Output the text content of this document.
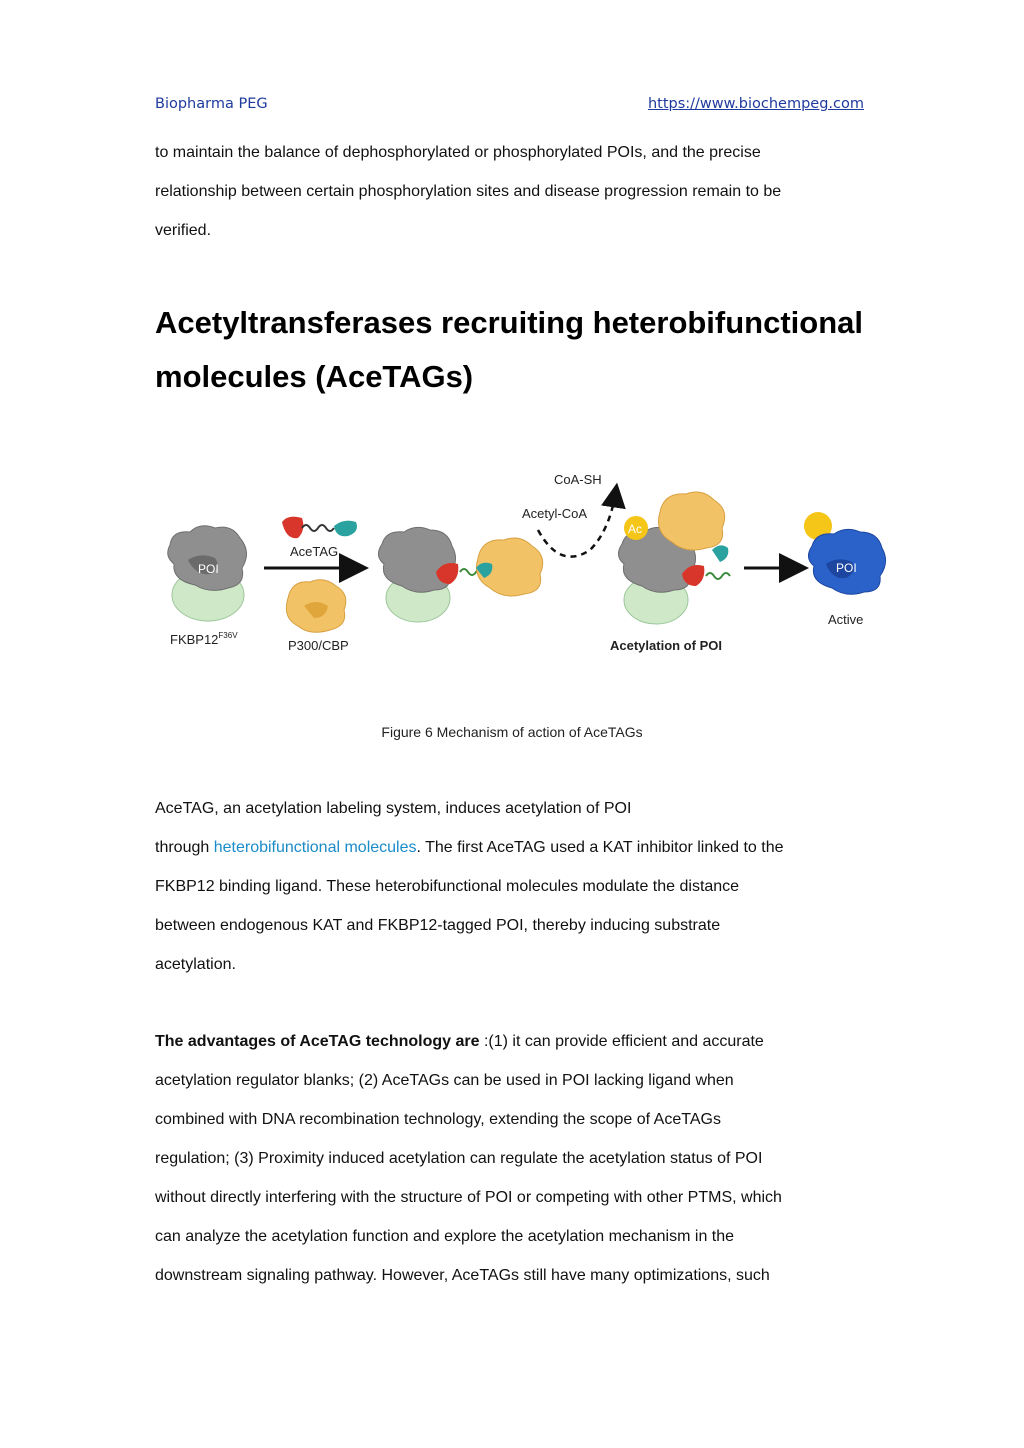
Biopharma PEG	https://www.biochempeg.com
to maintain the balance of dephosphorylated or phosphorylated POIs, and the precise
relationship between certain phosphorylation sites and disease progression remain to be
verified.
Acetyltransferases recruiting heterobifunctional
molecules (AceTAGs)
POI
$FKBP12^{F36V}$
AceTAG
P300/CBP
CoA-SH
Acetyl-CoA
Ac
Acetylation of POI
POI
Active
Figure 6 Mechanism of action of AceTAGs
AceTAG, an acetylation labeling system, induces acetylation of POI
through heterobifunctional molecules. The first AceTAG used a KAT inhibitor linked to the
FKBP12 binding ligand. These heterobifunctional molecules modulate the distance
between endogenous KAT and FKBP12-tagged POI, thereby inducing substrate
acetylation.
The advantages of AceTAG technology are :(1) it can provide efficient and accurate
acetylation regulator blanks; (2) AceTAGs can be used in POI lacking ligand when
combined with DNA recombination technology, extending the scope of AceTAGs
regulation; (3) Proximity induced acetylation can regulate the acetylation status of POI
without directly interfering with the structure of POI or competing with other PTMS, which
can analyze the acetylation function and explore the acetylation mechanism in the
downstream signaling pathway. However, AceTAGs still have many optimizations, such
